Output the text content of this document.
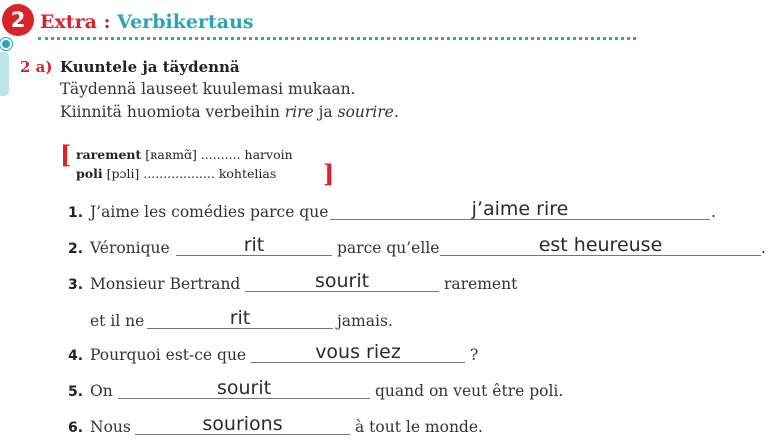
2 Extra : Verbikertaus
2 a) Kuuntele ja täydennä
Täydennä lauseet kuulemasi mukaan.
Kiinnitä huomiota verbeihin rire ja sourire.
[ rarement [ʀaʀmɑ̃] .......... harvoin
poli [pɔli] .................. kohtelias ]
1. J’aime les comédies parce que	j’aime rire	.
2. Véronique	rit	parce qu’elle	est heureuse	.
3. Monsieur Bertrand	sourit	rarement
et il ne	rit	jamais.
4. Pourquoi est-ce que	vous riez	?
5. On	sourit	quand on veut être poli.
6. Nous	sourions	à tout le monde.
